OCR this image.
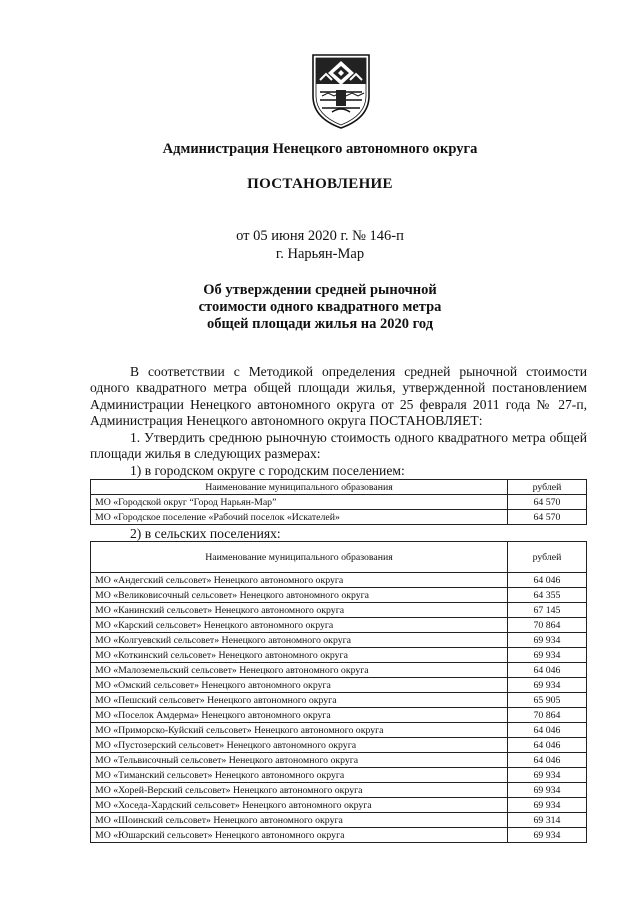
Администрация Ненецкого автономного округа
ПОСТАНОВЛЕНИЕ
от 05 июня 2020 г. № 146-п
г. Нарьян-Мар
Об утверждении средней рыночной
стоимости одного квадратного метра
общей площади жилья на 2020 год
В соответствии с Методикой определения средней рыночной стоимости одного квадратного метра общей площади жилья, утвержденной постановлением Администрации Ненецкого автономного округа от 25 февраля 2011 года № 27-п, Администрация Ненецкого автономного округа ПОСТАНОВЛЯЕТ:
1. Утвердить среднюю рыночную стоимость одного квадратного метра общей площади жилья в следующих размерах:
1) в городском округе с городским поселением:
Наименование муниципального образования	рублей
МО «Городской округ “Город Нарьян-Мар”	64 570
МО «Городское поселение «Рабочий поселок «Искателей»	64 570
2) в сельских поселениях:
Наименование муниципального образования	рублей
МО «Андегский сельсовет» Ненецкого автономного округа	64 046
МО «Великовисочный сельсовет» Ненецкого автономного округа	64 355
МО «Канинский сельсовет» Ненецкого автономного округа	67 145
МО «Карский сельсовет» Ненецкого автономного округа	70 864
МО «Колгуевский сельсовет» Ненецкого автономного округа	69 934
МО «Коткинский сельсовет» Ненецкого автономного округа	69 934
МО «Малоземельский сельсовет» Ненецкого автономного округа	64 046
МО «Омский сельсовет» Ненецкого автономного округа	69 934
МО «Пешский сельсовет» Ненецкого автономного округа	65 905
МО «Поселок Амдерма» Ненецкого автономного округа	70 864
МО «Приморско-Куйский сельсовет» Ненецкого автономного округа	64 046
МО «Пустозерский сельсовет» Ненецкого автономного округа	64 046
МО «Тельвисочный сельсовет» Ненецкого автономного округа	64 046
МО «Тиманский сельсовет» Ненецкого автономного округа	69 934
МО «Хорей-Верский сельсовет» Ненецкого автономного округа	69 934
МО «Хоседа-Хардский сельсовет» Ненецкого автономного округа	69 934
МО «Шоинский сельсовет» Ненецкого автономного округа	69 314
МО «Юшарский сельсовет» Ненецкого автономного округа	69 934
